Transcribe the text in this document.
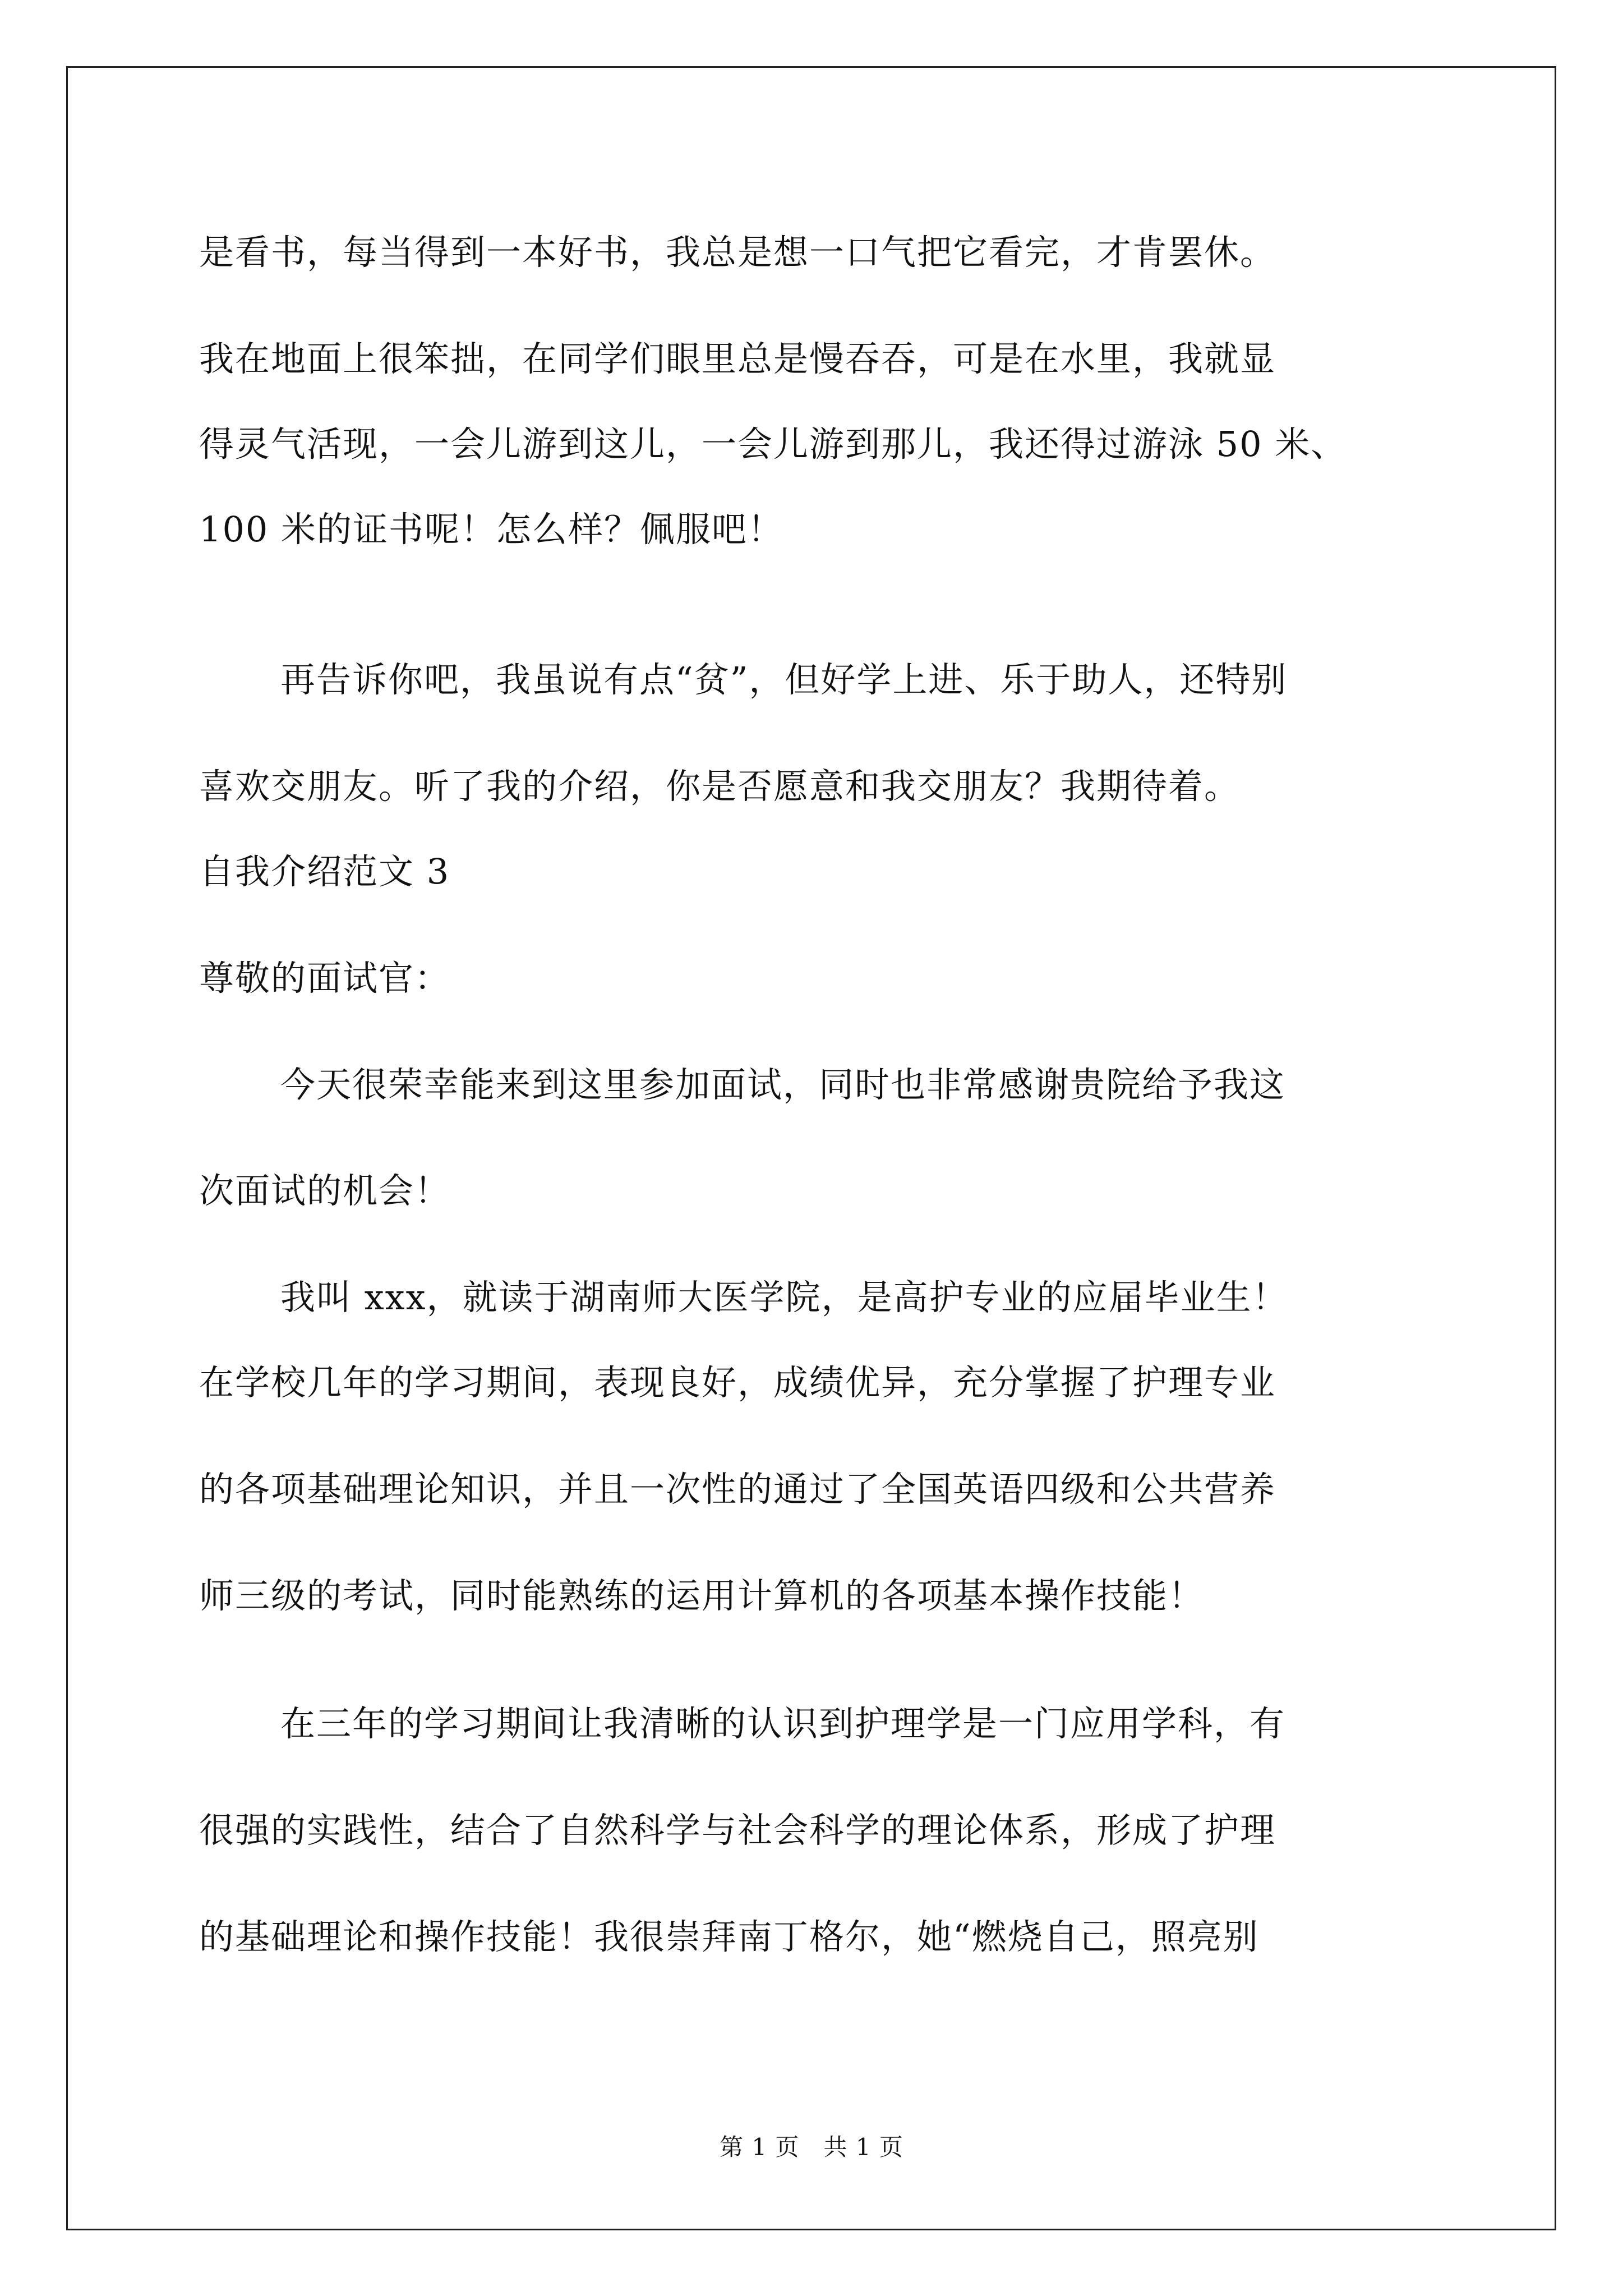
是看书，每当得到一本好书，我总是想一口气把它看完，才肯罢休。
我在地面上很笨拙，在同学们眼里总是慢吞吞，可是在水里，我就显
得灵气活现，一会儿游到这儿，一会儿游到那儿，我还得过游泳 50 米、
100 米的证书呢！怎么样？佩服吧！
再告诉你吧，我虽说有点“贫”，但好学上进、乐于助人，还特别
喜欢交朋友。听了我的介绍，你是否愿意和我交朋友？我期待着。
自我介绍范文 3
尊敬的面试官：
今天很荣幸能来到这里参加面试，同时也非常感谢贵院给予我这
次面试的机会！
我叫 xxx，就读于湖南师大医学院，是高护专业的应届毕业生！
在学校几年的学习期间，表现良好，成绩优异，充分掌握了护理专业
的各项基础理论知识，并且一次性的通过了全国英语四级和公共营养
师三级的考试，同时能熟练的运用计算机的各项基本操作技能！
在三年的学习期间让我清晰的认识到护理学是一门应用学科，有
很强的实践性，结合了自然科学与社会科学的理论体系，形成了护理
的基础理论和操作技能！我很崇拜南丁格尔，她“燃烧自己，照亮别
第 1 页　共 1 页
